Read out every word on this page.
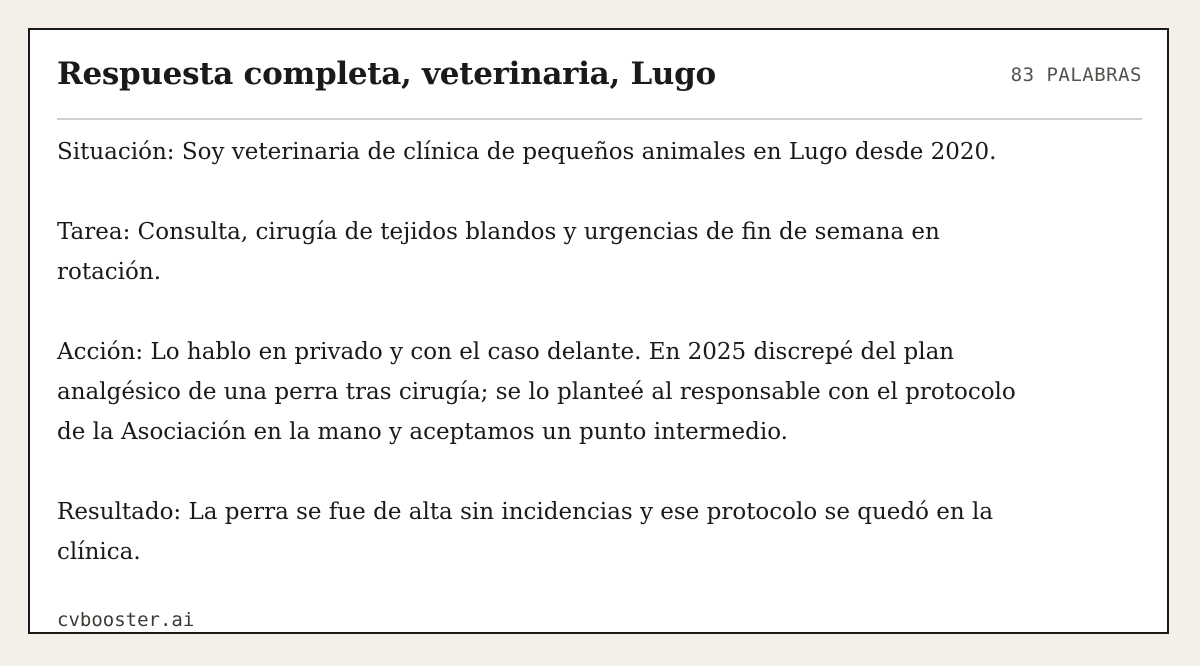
Respuesta completa, veterinaria, Lugo	83 PALABRAS

Situación: Soy veterinaria de clínica de pequeños animales en Lugo desde 2020.

Tarea: Consulta, cirugía de tejidos blandos y urgencias de fin de semana en rotación.

Acción: Lo hablo en privado y con el caso delante. En 2025 discrepé del plan analgésico de una perra tras cirugía; se lo planteé al responsable con el protocolo de la Asociación en la mano y aceptamos un punto intermedio.

Resultado: La perra se fue de alta sin incidencias y ese protocolo se quedó en la clínica.

cvbooster.ai
